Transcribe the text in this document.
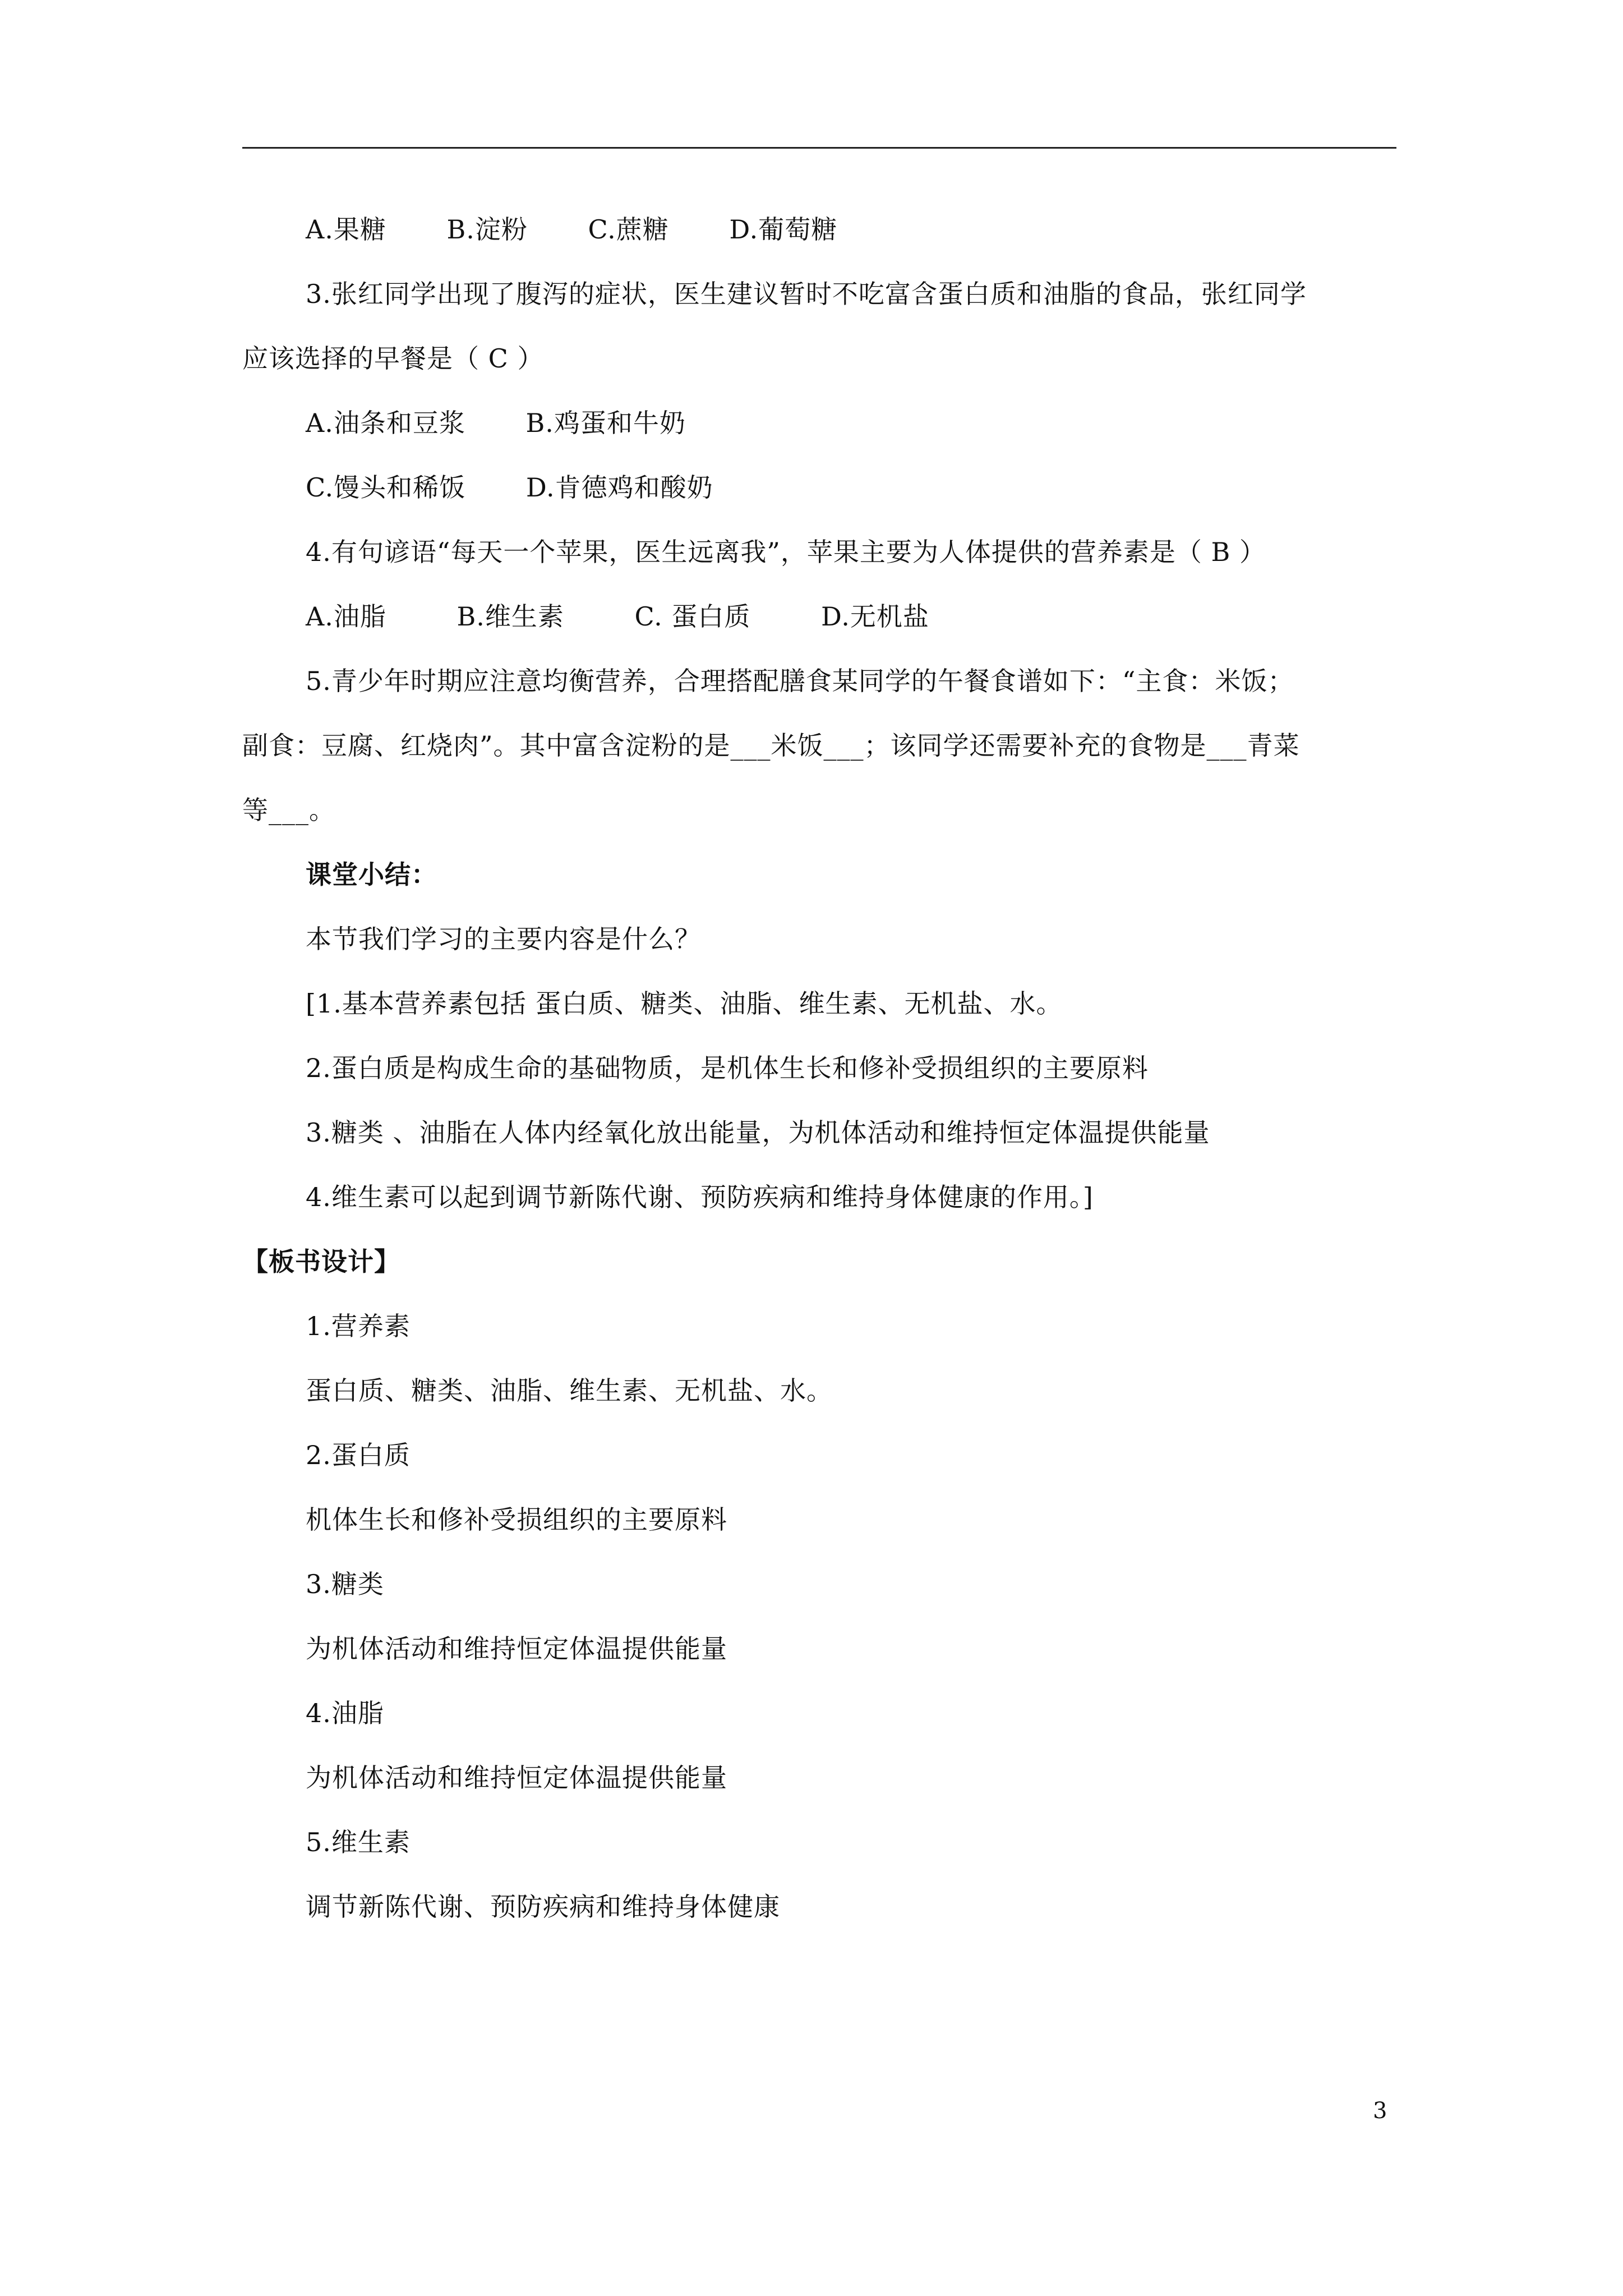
A.果糖 B.淀粉 C.蔗糖 D.葡萄糖
3.张红同学出现了腹泻的症状，医生建议暂时不吃富含蛋白质和油脂的食品，张红同学
应该选择的早餐是（ C ）
A.油条和豆浆 B.鸡蛋和牛奶
C.馒头和稀饭 D.肯德鸡和酸奶
4.有句谚语“每天一个苹果，医生远离我”，苹果主要为人体提供的营养素是（ B ）
A.油脂	B.维生素	C. 蛋白质	D.无机盐
5.青少年时期应注意均衡营养，合理搭配膳食某同学的午餐食谱如下：“主食：米饭；
副食：豆腐、红烧肉”。其中富含淀粉的是___米饭___；该同学还需要补充的食物是___青菜
等___。
课堂小结：
本节我们学习的主要内容是什么？
[1.基本营养素包括 蛋白质、糖类、油脂、维生素、无机盐、水。
2.蛋白质是构成生命的基础物质，是机体生长和修补受损组织的主要原料
3.糖类 、油脂在人体内经氧化放出能量，为机体活动和维持恒定体温提供能量
4.维生素可以起到调节新陈代谢、预防疾病和维持身体健康的作用。]
【板书设计】
1.营养素
蛋白质、糖类、油脂、维生素、无机盐、水。
2.蛋白质
机体生长和修补受损组织的主要原料
3.糖类
为机体活动和维持恒定体温提供能量
4.油脂
为机体活动和维持恒定体温提供能量
5.维生素
调节新陈代谢、预防疾病和维持身体健康
3
